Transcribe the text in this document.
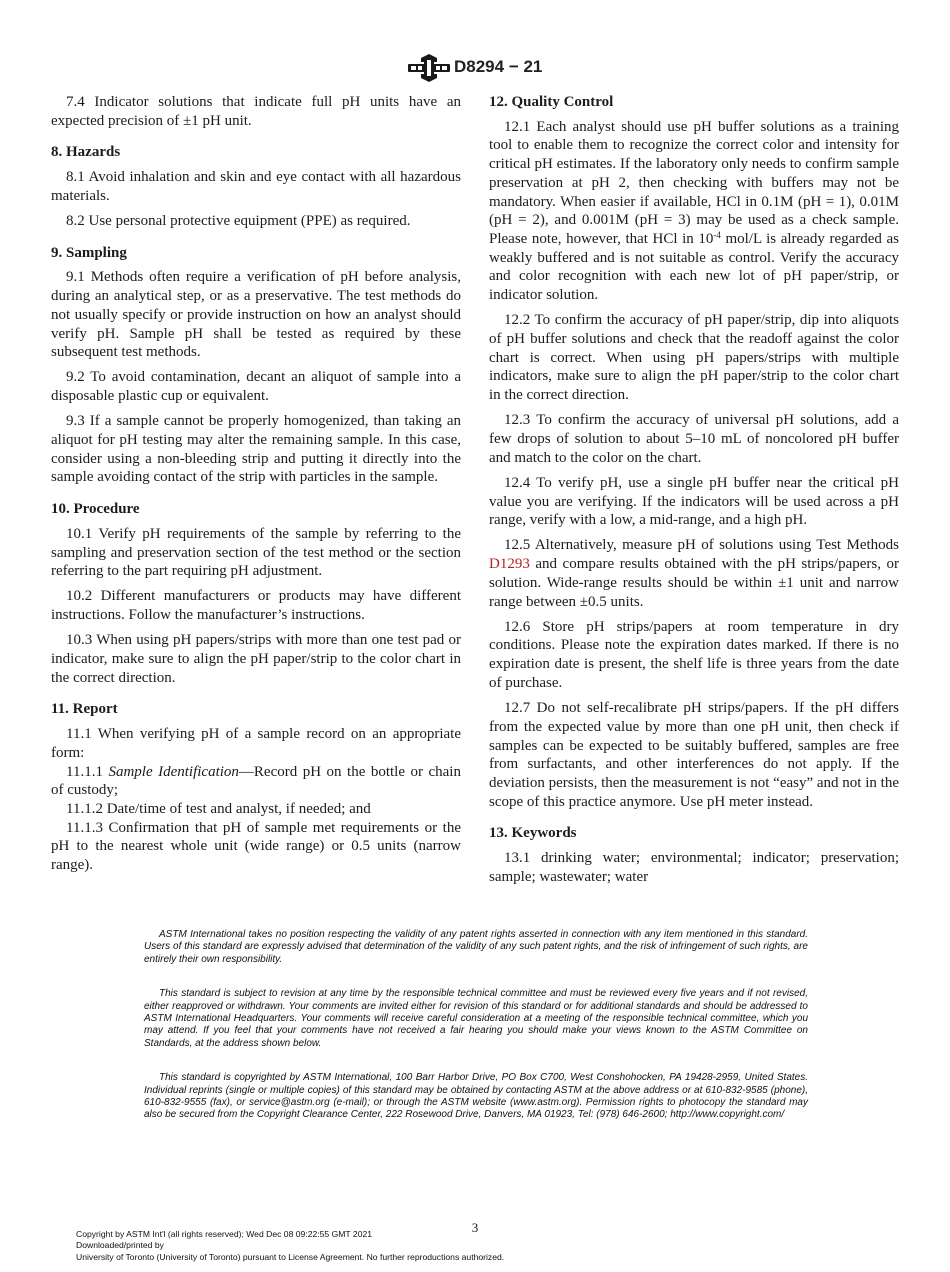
D8294 − 21

7.4 Indicator solutions that indicate full pH units have an expected precision of ±1 pH unit.

8. Hazards

8.1 Avoid inhalation and skin and eye contact with all hazardous materials.

8.2 Use personal protective equipment (PPE) as required.

9. Sampling

9.1 Methods often require a verification of pH before analysis, during an analytical step, or as a preservative. The test methods do not usually specify or provide instruction on how an analyst should verify pH. Sample pH shall be tested as required by these subsequent test methods.

9.2 To avoid contamination, decant an aliquot of sample into a disposable plastic cup or equivalent.

9.3 If a sample cannot be properly homogenized, than taking an aliquot for pH testing may alter the remaining sample. In this case, consider using a non-bleeding strip and putting it directly into the sample avoiding contact of the strip with particles in the sample.

10. Procedure

10.1 Verify pH requirements of the sample by referring to the sampling and preservation section of the test method or the section referring to the part requiring pH adjustment.

10.2 Different manufacturers or products may have different instructions. Follow the manufacturer’s instructions.

10.3 When using pH papers/strips with more than one test pad or indicator, make sure to align the pH paper/strip to the color chart in the correct direction.

11. Report

11.1 When verifying pH of a sample record on an appropriate form:

11.1.1 Sample Identification—Record pH on the bottle or chain of custody;

11.1.2 Date/time of test and analyst, if needed; and

11.1.3 Confirmation that pH of sample met requirements or the pH to the nearest whole unit (wide range) or 0.5 units (narrow range).

12. Quality Control

12.1 Each analyst should use pH buffer solutions as a training tool to enable them to recognize the correct color and intensity for critical pH estimates. If the laboratory only needs to confirm sample preservation at pH 2, then checking with buffers may not be mandatory. When easier if available, HCl in 0.1M (pH = 1), 0.01M (pH = 2), and 0.001M (pH = 3) may be used as a check sample. Please note, however, that HCl in $10^{-4}$ mol/L is already regarded as weakly buffered and is not suitable as control. Verify the accuracy and color recognition with each new lot of pH paper/strip, or indicator solution.

12.2 To confirm the accuracy of pH paper/strip, dip into aliquots of pH buffer solutions and check that the readoff against the color chart is correct. When using pH papers/strips with multiple indicators, make sure to align the pH paper/strip to the color chart in the correct direction.

12.3 To confirm the accuracy of universal pH solutions, add a few drops of solution to about 5–10 mL of noncolored pH buffer and match to the color on the chart.

12.4 To verify pH, use a single pH buffer near the critical pH value you are verifying. If the indicators will be used across a pH range, verify with a low, a mid-range, and a high pH.

12.5 Alternatively, measure pH of solutions using Test Methods D1293 and compare results obtained with the pH strips/papers, or solution. Wide-range results should be within ±1 unit and narrow range between ±0.5 units.

12.6 Store pH strips/papers at room temperature in dry conditions. Please note the expiration dates marked. If there is no expiration date is present, the shelf life is three years from the date of purchase.

12.7 Do not self-recalibrate pH strips/papers. If the pH differs from the expected value by more than one pH unit, then check if samples can be expected to be suitably buffered, samples are free from surfactants, and other interferences do not apply. If the deviation persists, then the measurement is not “easy” and not in the scope of this practice anymore. Use pH meter instead.

13. Keywords

13.1 drinking water; environmental; indicator; preservation; sample; wastewater; water

ASTM International takes no position respecting the validity of any patent rights asserted in connection with any item mentioned in this standard. Users of this standard are expressly advised that determination of the validity of any such patent rights, and the risk of infringement of such rights, are entirely their own responsibility.

This standard is subject to revision at any time by the responsible technical committee and must be reviewed every five years and if not revised, either reapproved or withdrawn. Your comments are invited either for revision of this standard or for additional standards and should be addressed to ASTM International Headquarters. Your comments will receive careful consideration at a meeting of the responsible technical committee, which you may attend. If you feel that your comments have not received a fair hearing you should make your views known to the ASTM Committee on Standards, at the address shown below.

This standard is copyrighted by ASTM International, 100 Barr Harbor Drive, PO Box C700, West Conshohocken, PA 19428-2959, United States. Individual reprints (single or multiple copies) of this standard may be obtained by contacting ASTM at the above address or at 610-832-9585 (phone), 610-832-9555 (fax), or service@astm.org (e-mail); or through the ASTM website (www.astm.org). Permission rights to photocopy the standard may also be secured from the Copyright Clearance Center, 222 Rosewood Drive, Danvers, MA 01923, Tel: (978) 646-2600; http://www.copyright.com/

3
Copyright by ASTM Int'l (all rights reserved); Wed Dec 08 09:22:55 GMT 2021
Downloaded/printed by
University of Toronto (University of Toronto) pursuant to License Agreement. No further reproductions authorized.
